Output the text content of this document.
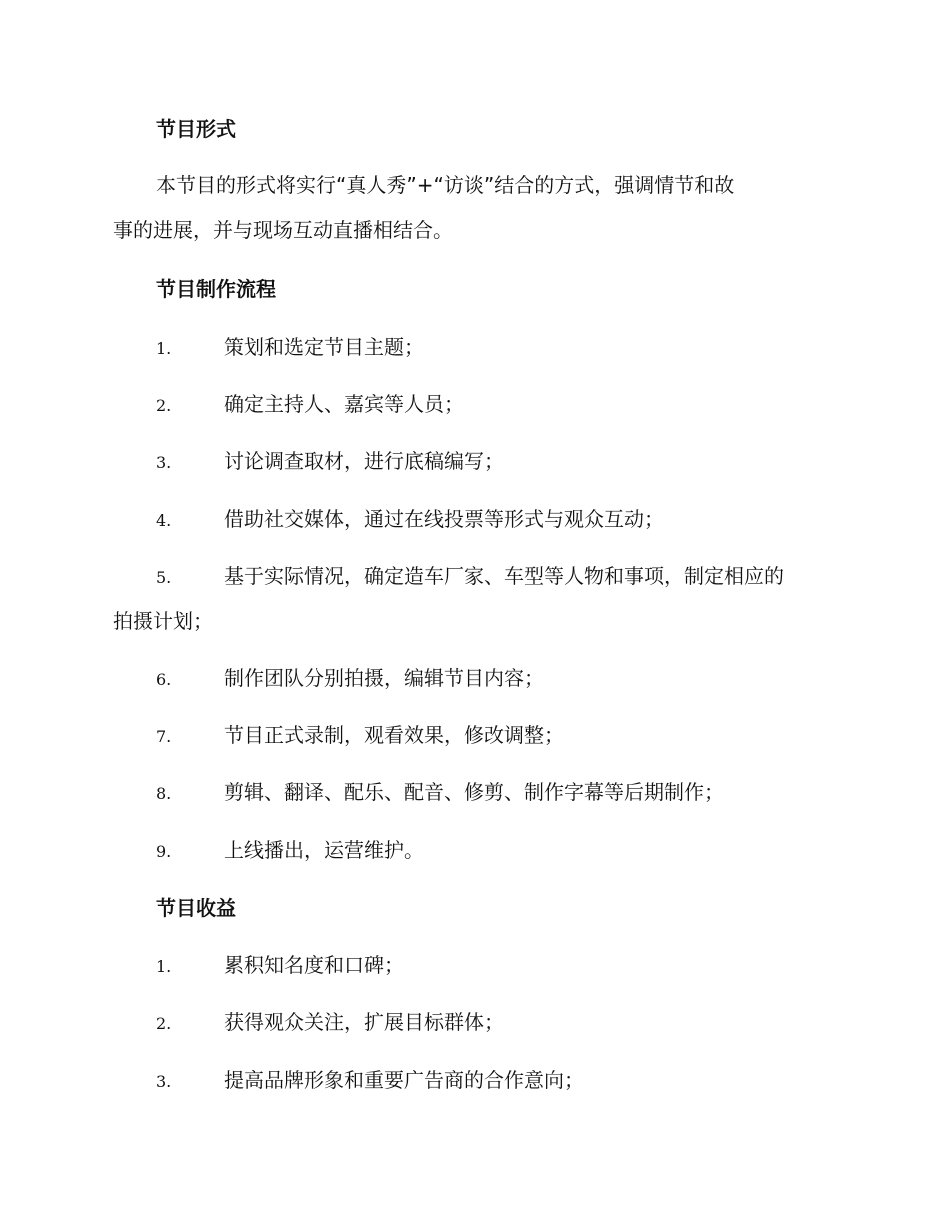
节目形式
本节目的形式将实行“真人秀”+“访谈”结合的方式，强调情节和故
事的进展，并与现场互动直播相结合。
节目制作流程
1.	策划和选定节目主题；
2.	确定主持人、嘉宾等人员；
3.	讨论调查取材，进行底稿编写；
4.	借助社交媒体，通过在线投票等形式与观众互动；
5.	基于实际情况，确定造车厂家、车型等人物和事项，制定相应的
拍摄计划；
6.	制作团队分别拍摄，编辑节目内容；
7.	节目正式录制，观看效果，修改调整；
8.	剪辑、翻译、配乐、配音、修剪、制作字幕等后期制作；
9.	上线播出，运营维护。
节目收益
1.	累积知名度和口碑；
2.	获得观众关注，扩展目标群体；
3.	提高品牌形象和重要广告商的合作意向；
